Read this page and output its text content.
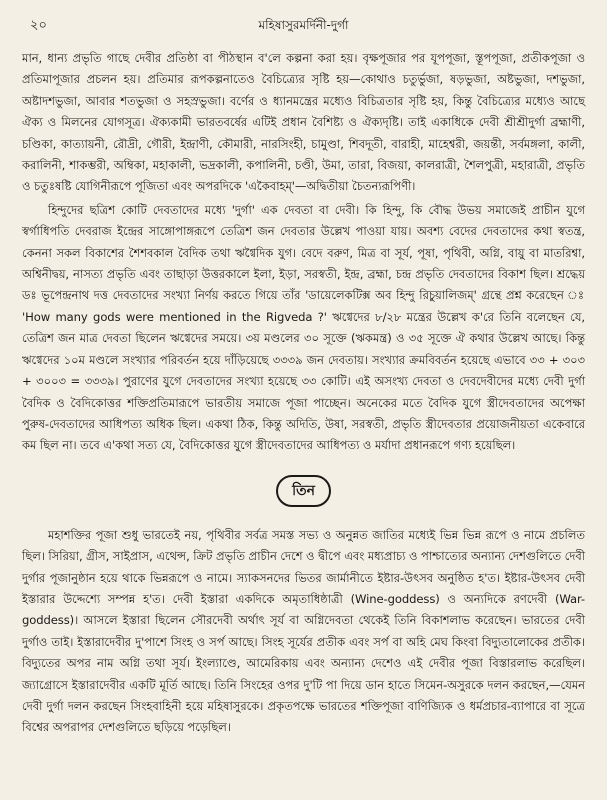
২০	মহিষাসুরমর্দিনী-দুর্গা

মান, ধান্য প্রভৃতি গাছে দেবীর প্রতিষ্ঠা বা পীঠস্থান ব'লে কল্পনা করা হয়। বৃক্ষপূজার পর যূপপূজা, স্তূপপূজা, প্রতীকপূজা ও প্রতিমাপূজার প্রচলন হয়। প্রতিমার রূপকল্পনাতেও বৈচিত্র্যের সৃষ্টি হয়—কোথাও চতুর্ভুজা, ষড়ভুজা, অষ্টভুজা, দশভুজা, অষ্টাদশভুজা, আবার শতভুজা ও সহস্রভুজা। বর্ণের ও ধ্যানমন্ত্রের মধ্যেও বিচিত্রতার সৃষ্টি হয়, কিন্তু বৈচিত্র্যের মধ্যেও আছে ঐক্য ও মিলনের যোগসূত্র। ঐক্যকামী ভারতবর্ষের এটিই প্রধান বৈশিষ্ট্য ও ঐক্যদৃষ্টি। তাই একাধিকে দেবী শ্রীশ্রীদুর্গা ব্রহ্মাণী, চণ্ডিকা, কাত্যায়নী, রৌদ্রী, গৌরী, ইন্দ্রাণী, কৌমারী, নারসিংহী, চামুণ্ডা, শিবদূতী, বারাহী, মাহেশ্বরী, জয়ন্তী, সর্বমঙ্গলা, কালী, করালিনী, শাকম্ভরী, অম্বিকা, মহাকালী, ভদ্রকালী, কপালিনী, চণ্ডী, উমা, তারা, বিজয়া, কালরাত্রী, শৈলপুত্রী, মহারাত্রী, প্রভৃতি ও চতুঃষষ্টি যোগিনীরূপে পূজিতা এবং অপরদিকে 'একৈবাহম্'—অদ্বিতীয়া চৈতন্যরূপিণী।

হিন্দুদের ছত্রিশ কোটি দেবতাদের মধ্যে 'দুর্গা' এক দেবতা বা দেবী। কি হিন্দু, কি বৌদ্ধ উভয় সমাজেই প্রাচীন যুগে স্বর্গাধিপতি দেবরাজ ইন্দ্রের সাঙ্গোপাঙ্গরূপে তেত্রিশ জন দেবতার উল্লেখ পাওয়া যায়। অবশ্য বেদের দেবতাদের কথা স্বতন্ত্র, কেননা সকল বিকাশের শৈশবকাল বৈদিক তথা ঋগ্বৈদিক যুগ। বেদে বরুণ, মিত্র বা সূর্য, পূষা, পৃথিবী, অগ্নি, বায়ু বা মাতরিশ্বা, অশ্বিনীদ্বয়, নাসত্য প্রভৃতি এবং তাছাড়া উত্তরকালে ইলা, ইড়া, সরস্বতী, ইন্দ্র, ব্রহ্মা, চন্দ্র প্রভৃতি দেবতাদের বিকাশ ছিল। শ্রদ্ধেয় ডঃ ভূপেন্দ্রনাথ দত্ত দেবতাদের সংখ্যা নির্ণয় করতে গিয়ে তাঁর 'ডায়েলেকটিক্স অব হিন্দু রিচুয়ালিজম্' গ্রন্থে প্রশ্ন করেছেন ঃ 'How many gods were mentioned in the Rigveda ?' ঋগ্বেদের ৮/২৮ মন্ত্রের উল্লেখ ক'রে তিনি বলেছেন যে, তেত্রিশ জন মাত্র দেবতা ছিলেন ঋগ্বেদের সময়ে। ৩য় মণ্ডলের ৩০ সূক্তে (ঋকমন্ত্র) ও ৩৫ সূক্তে ঐ কথার উল্লেখ আছে। কিন্তু ঋগ্বেদের ১০ম মণ্ডলে সংখ্যার পরিবর্তন হয়ে দাঁড়িয়েছে ৩৩৩৯ জন দেবতায়। সংখ্যার ক্রমবিবর্তন হয়েছে এভাবে ৩৩ + ৩০৩ + ৩০০৩ = ৩৩৩৯। পুরাণের যুগে দেবতাদের সংখ্যা হয়েছে ৩৩ কোটি। এই অসংখ্য দেবতা ও দেবদেবীদের মধ্যে দেবী দুর্গা বৈদিক ও বৈদিকোত্তর শক্তিপ্রতিমারূপে ভারতীয় সমাজে পূজা পাচ্ছেন। অনেকের মতে বৈদিক যুগে স্ত্রীদেবতাদের অপেক্ষা পুরুষ-দেবতাদের আধিপত্য অধিক ছিল। একথা ঠিক, কিন্তু অদিতি, উষা, সরস্বতী, প্রভৃতি স্ত্রীদেবতার প্রয়োজনীয়তা একেবারে কম ছিল না। তবে এ'কথা সত্য যে, বৈদিকোত্তর যুগে স্ত্রীদেবতাদের আধিপত্য ও মর্যাদা প্রধানরূপে গণ্য হয়েছিল।

তিন

মহাশক্তির পূজা শুধু ভারতেই নয়, পৃথিবীর সর্বত্র সমস্ত সভ্য ও অনুন্নত জাতির মধ্যেই ভিন্ন ভিন্ন রূপে ও নামে প্রচলিত ছিল। সিরিয়া, গ্রীস, সাইপ্রাস, এথেন্স, ক্রিট প্রভৃতি প্রাচীন দেশে ও দ্বীপে এবং মধ্যপ্রাচ্য ও পাশ্চাত্যের অন্যান্য দেশগুলিতে দেবী দুর্গার পূজানুষ্ঠান হয়ে থাকে ভিন্নরূপে ও নামে। স্যাকসনদের ভিতর জার্মানীতে ইষ্টার-উৎসব অনুষ্ঠিত হ'ত। ইষ্টার-উৎসব দেবী ইস্তারার উদ্দেশ্যে সম্পন্ন হ'ত। দেবী ইস্তারা একদিকে অমৃতাধিষ্ঠাত্রী (Wine-goddess) ও অন্যদিকে রণদেবী (War-goddess)। আসলে ইস্তারা ছিলেন সৌরদেবী অর্থাৎ সূর্য বা অগ্নিদেবতা থেকেই তিনি বিকাশলাভ করেছেন। ভারতের দেবী দুর্গাও তাই। ইস্তারাদেবীর দু'পাশে সিংহ ও সর্প আছে। সিংহ সূর্যের প্রতীক এবং সর্প বা অহি মেঘ কিংবা বিদ্যুতালোকের প্রতীক। বিদ্যুতের অপর নাম অগ্নি তথা সূর্য। ইংল্যাণ্ডে, আমেরিকায় এবং অন্যান্য দেশেও এই দেবীর পূজা বিস্তারলাভ করেছিল। জ্যাগ্রোসে ইস্তারাদেবীর একটি মূর্তি আছে। তিনি সিংহের ওপর দু'টি পা দিয়ে ডান হাতে সিমেন-অসুরকে দলন করছেন,—যেমন দেবী দুর্গা দলন করছেন সিংহবাহিনী হয়ে মহিষাসুরকে। প্রকৃতপক্ষে ভারতের শক্তিপূজা বাণিজ্যিক ও ধর্মপ্রচার-ব্যাপারে বা সূত্রে বিশ্বের অপরাপর দেশগুলিতে ছড়িয়ে পড়েছিল।
